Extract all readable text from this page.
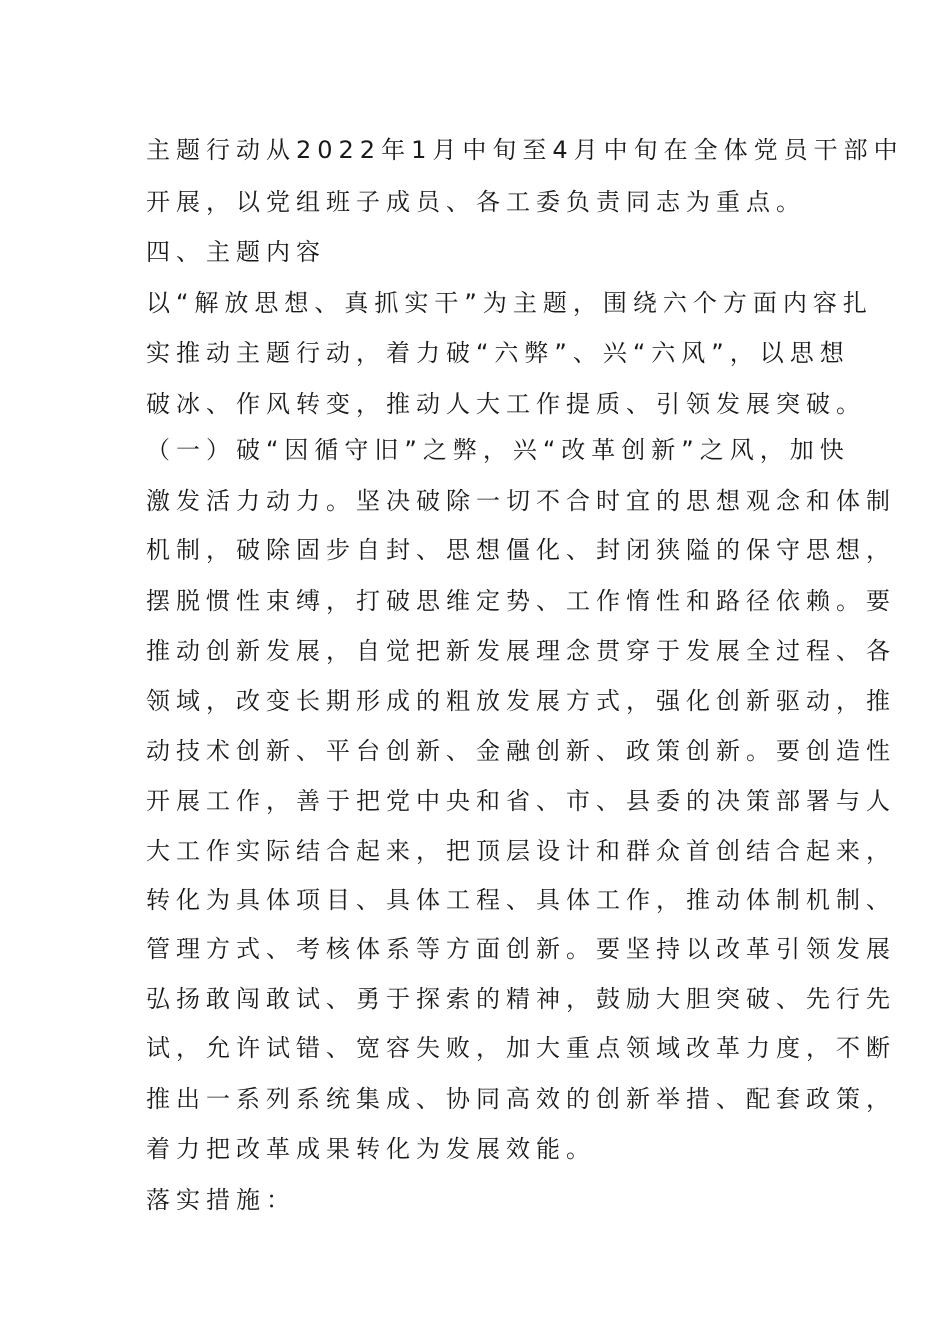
主题行动从2022年1月中旬至4月中旬在全体党员干部中
开展，以党组班子成员、各工委负责同志为重点。
四、主题内容
以“解放思想、真抓实干”为主题，围绕六个方面内容扎
实推动主题行动，着力破“六弊”、兴“六风”，以思想
破冰、作风转变，推动人大工作提质、引领发展突破。
（一）破“因循守旧”之弊，兴“改革创新”之风，加快
激发活力动力。坚决破除一切不合时宜的思想观念和体制
机制，破除固步自封、思想僵化、封闭狭隘的保守思想，
摆脱惯性束缚，打破思维定势、工作惰性和路径依赖。要
推动创新发展，自觉把新发展理念贯穿于发展全过程、各
领域，改变长期形成的粗放发展方式，强化创新驱动，推
动技术创新、平台创新、金融创新、政策创新。要创造性
开展工作，善于把党中央和省、市、县委的决策部署与人
大工作实际结合起来，把顶层设计和群众首创结合起来，
转化为具体项目、具体工程、具体工作，推动体制机制、
管理方式、考核体系等方面创新。要坚持以改革引领发展
弘扬敢闯敢试、勇于探索的精神，鼓励大胆突破、先行先
试，允许试错、宽容失败，加大重点领域改革力度，不断
推出一系列系统集成、协同高效的创新举措、配套政策，
着力把改革成果转化为发展效能。
落实措施：
